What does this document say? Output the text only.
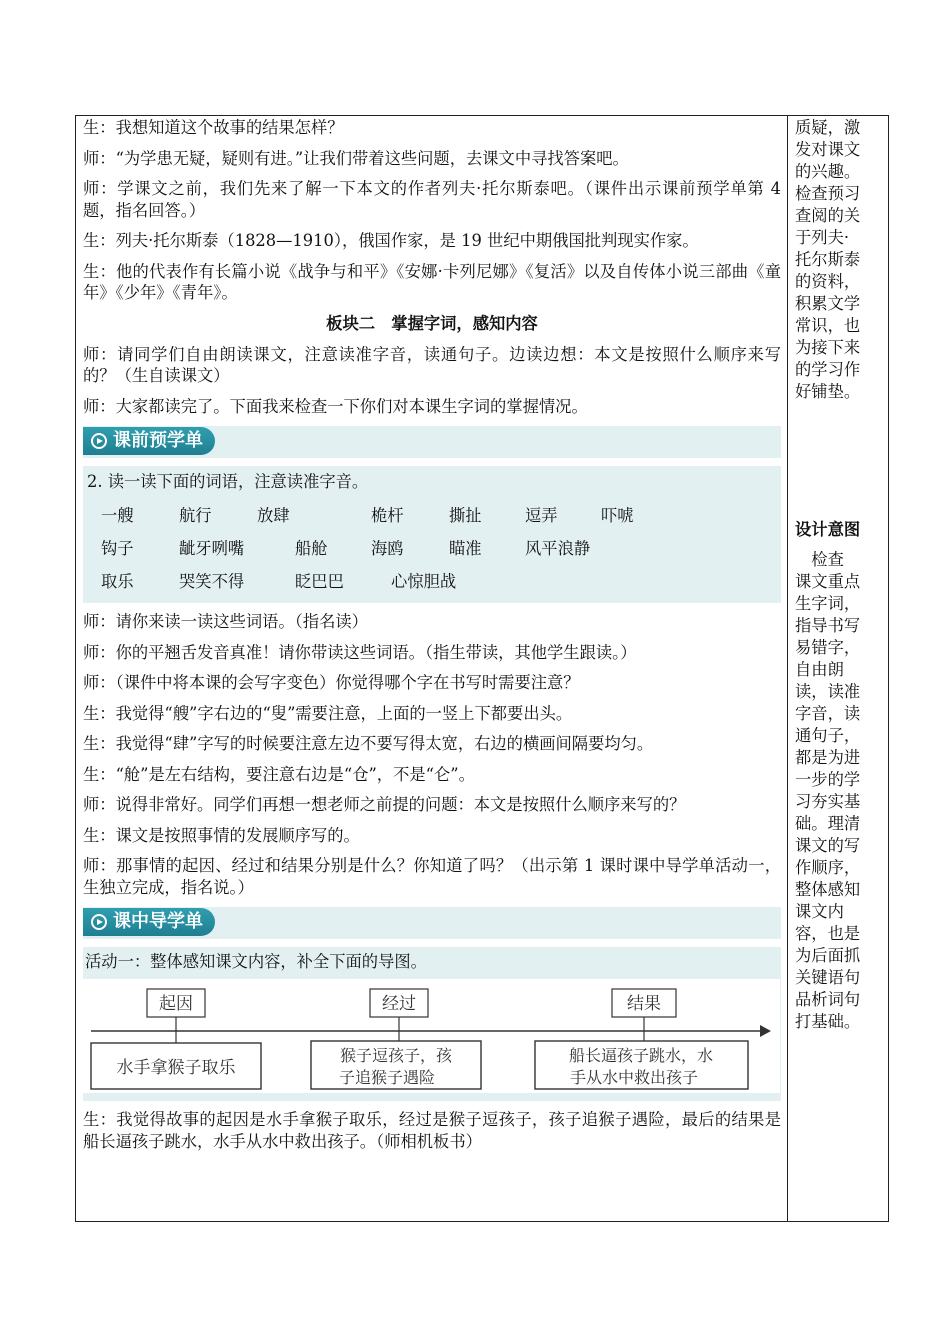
生：我想知道这个故事的结果怎样？

师：“为学患无疑，疑则有进。”让我们带着这些问题，去课文中寻找答案吧。

师：学课文之前，我们先来了解一下本文的作者列夫·托尔斯泰吧。（课件出示课前预学单第 4 题，指名回答。）

生：列夫·托尔斯泰（1828—1910），俄国作家，是 19 世纪中期俄国批判现实作家。

生：他的代表作有长篇小说《战争与和平》《安娜·卡列尼娜》《复活》以及自传体小说三部曲《童年》《少年》《青年》。

板块二　掌握字词，感知内容

师：请同学们自由朗读课文，注意读准字音，读通句子。边读边想：本文是按照什么顺序来写的？（生自读课文）

师：大家都读完了。下面我来检查一下你们对本课生字词的掌握情况。

课前预学单

2. 读一读下面的词语，注意读准字音。

一艘	航行	放肆	桅杆	撕扯	逗弄	吓唬
钩子	龇牙咧嘴	船舱	海鸥	瞄准	风平浪静
取乐	哭笑不得	眨巴巴	心惊胆战

师：请你来读一读这些词语。（指名读）

师：你的平翘舌发音真准！请你带读这些词语。（指生带读，其他学生跟读。）

师：（课件中将本课的会写字变色）你觉得哪个字在书写时需要注意？

生：我觉得“艘”字右边的“叟”需要注意，上面的一竖上下都要出头。

生：我觉得“肆”字写的时候要注意左边不要写得太宽，右边的横画间隔要均匀。

生：“舱”是左右结构，要注意右边是“仓”，不是“仑”。

师：说得非常好。同学们再想一想老师之前提的问题：本文是按照什么顺序来写的？

生：课文是按照事情的发展顺序写的。

师：那事情的起因、经过和结果分别是什么？你知道了吗？（出示第 1 课时课中导学单活动一，生独立完成，指名说。）

课中导学单

活动一：整体感知课文内容，补全下面的导图。

起因	经过	结果
水手拿猴子取乐
猴子逗孩子，孩
子追猴子遇险
船长逼孩子跳水，水
手从水中救出孩子

生：我觉得故事的起因是水手拿猴子取乐，经过是猴子逗孩子，孩子追猴子遇险，最后的结果是船长逼孩子跳水，水手从水中救出孩子。（师相机板书）

质疑，激

发对课文

的兴趣。

检查预习

查阅的关

于列夫·

托尔斯泰

的资料，

积累文学

常识，也

为接下来

的学习作

好铺垫。

设计意图

　检查

课文重点

生字词，

指导书写

易错字，

自由朗

读，读准

字音，读

通句子，

都是为进

一步的学

习夯实基

础。理清

课文的写

作顺序，

整体感知

课文内

容，也是

为后面抓

关键语句

品析词句

打基础。
